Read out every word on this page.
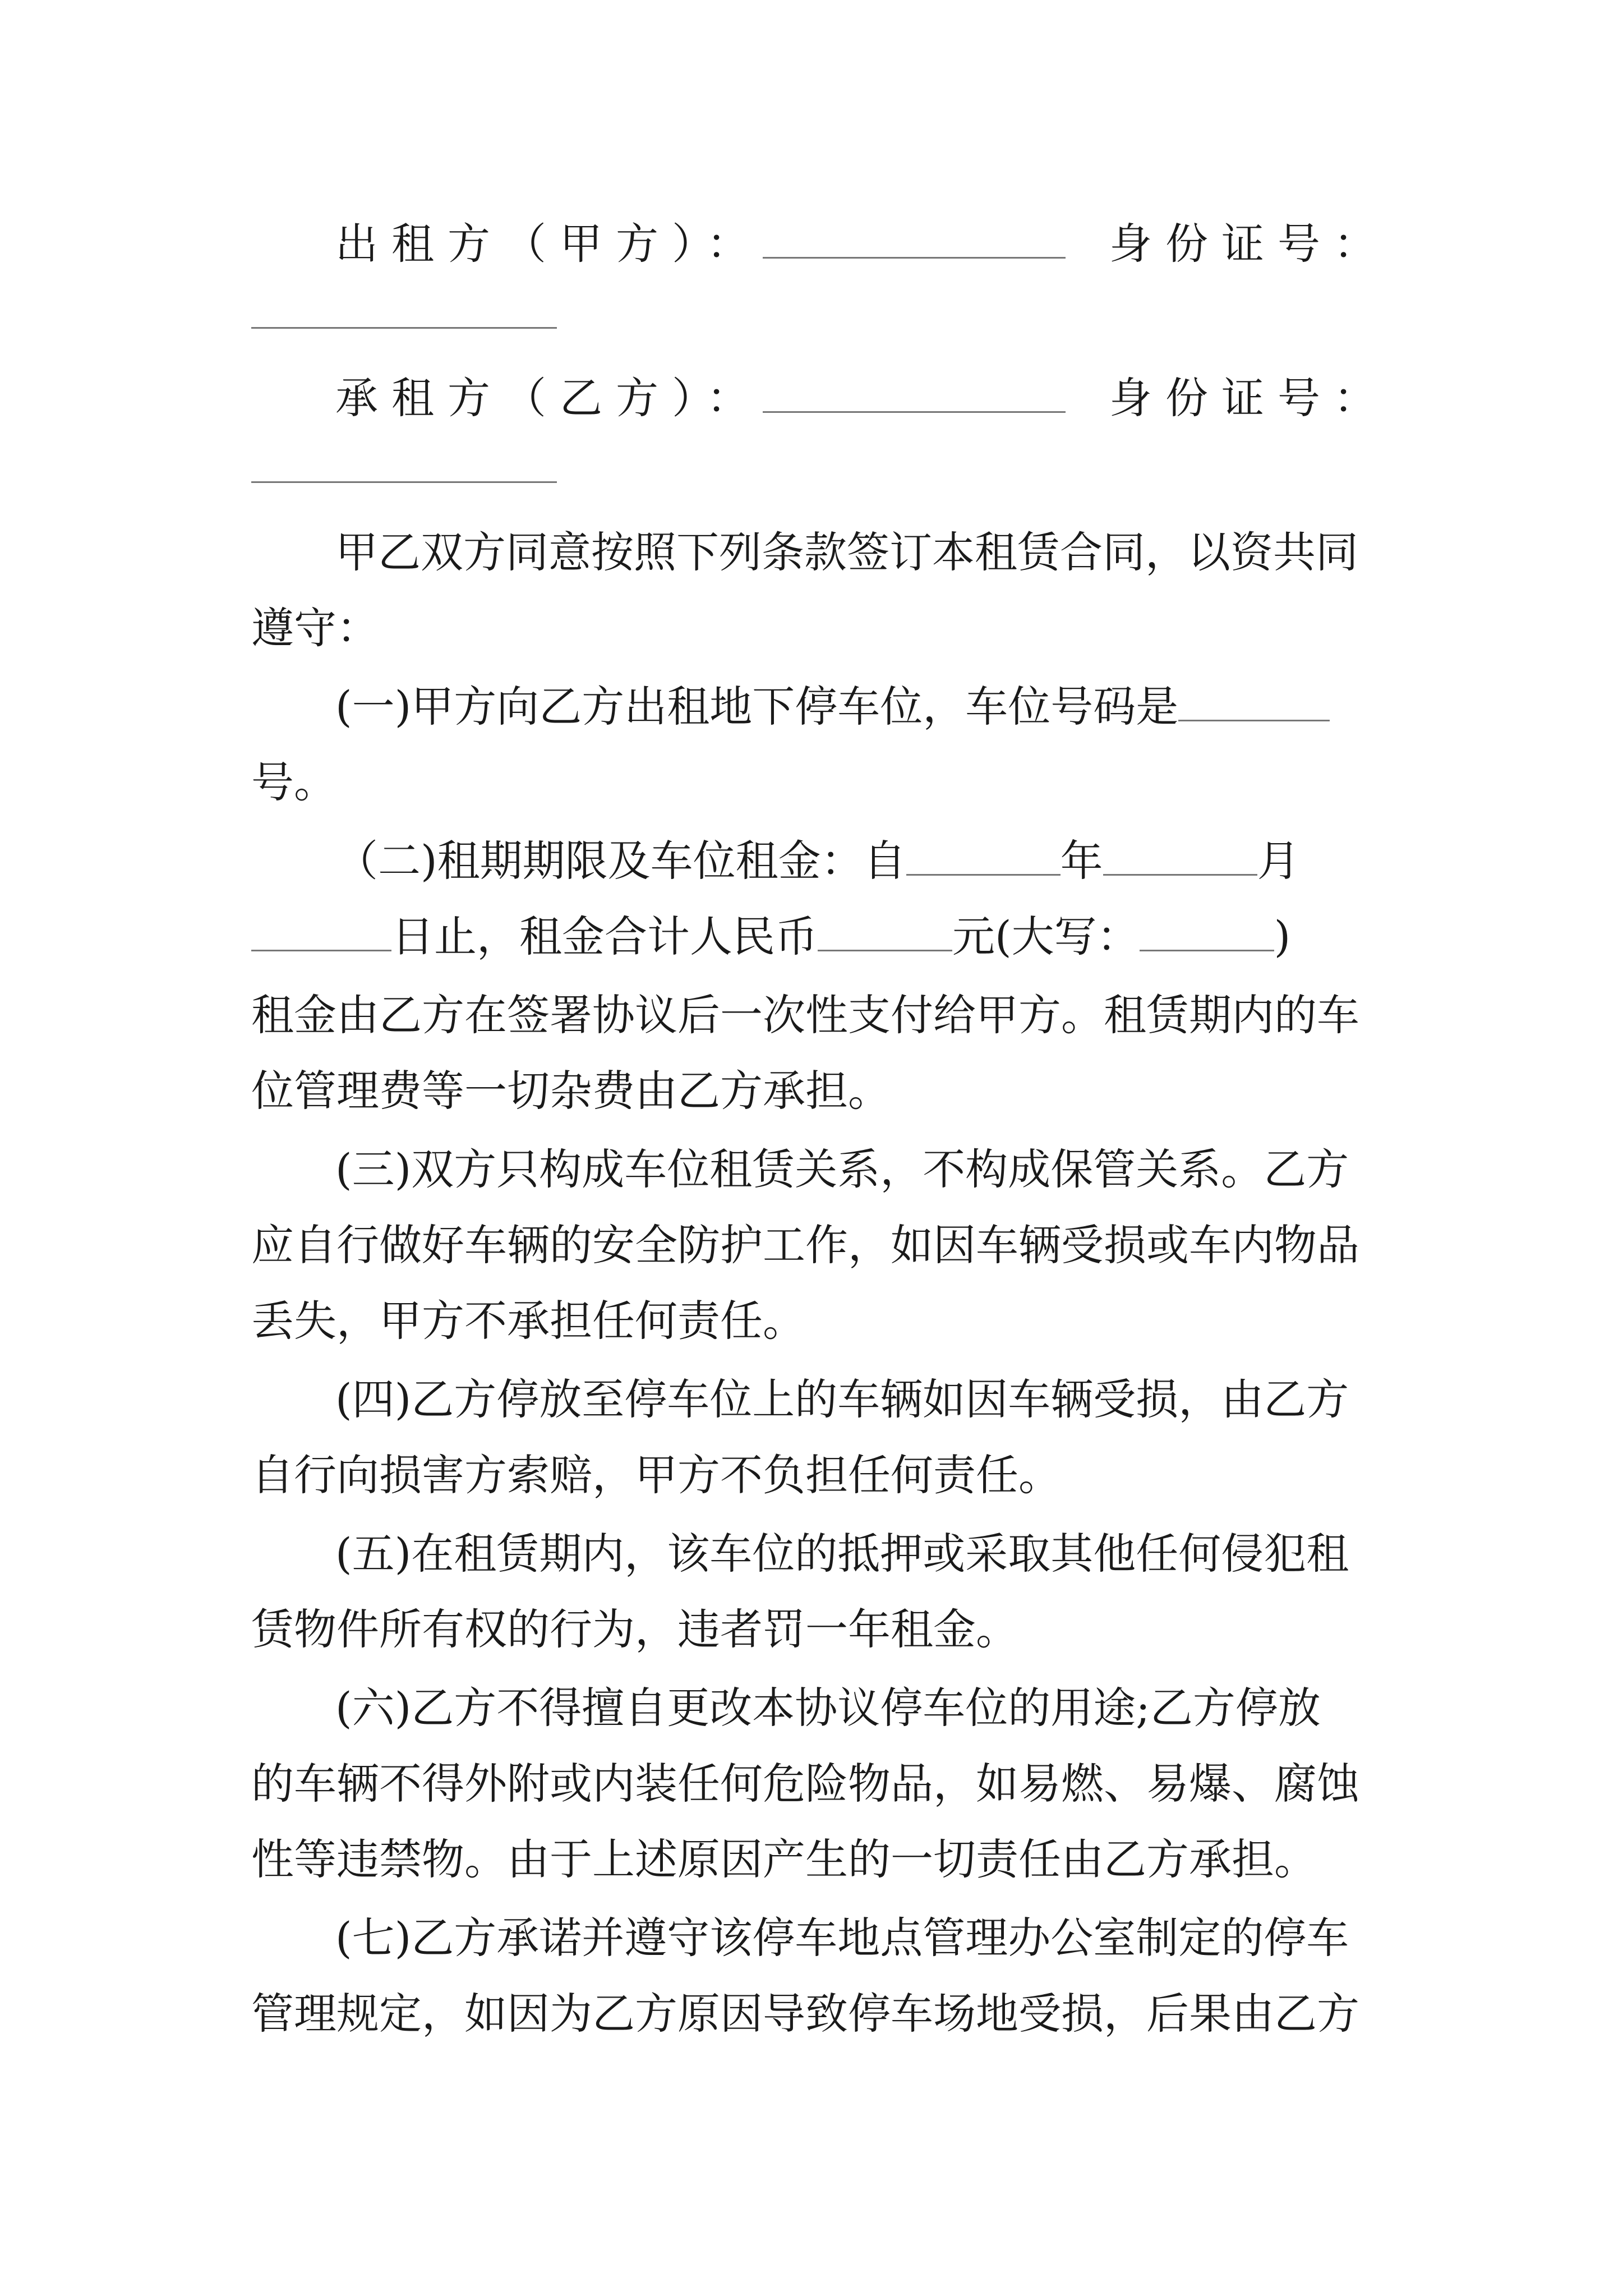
出租方（甲方）：	身份证号：
承租方（乙方）：	身份证号：
甲乙双方同意按照下列条款签订本租赁合同，以资共同
遵守：
(一)甲方向乙方出租地下停车位，车位号码是
号。
（二)租期期限及车位租金：自	年	月
日止，租金合计人民币	元(大写：	)
租金由乙方在签署协议后一次性支付给甲方。租赁期内的车
位管理费等一切杂费由乙方承担。
(三)双方只构成车位租赁关系，不构成保管关系。乙方
应自行做好车辆的安全防护工作，如因车辆受损或车内物品
丢失，甲方不承担任何责任。
(四)乙方停放至停车位上的车辆如因车辆受损，由乙方
自行向损害方索赔，甲方不负担任何责任。
(五)在租赁期内，该车位的抵押或采取其他任何侵犯租
赁物件所有权的行为，违者罚一年租金。
(六)乙方不得擅自更改本协议停车位的用途;乙方停放
的车辆不得外附或内装任何危险物品，如易燃、易爆、腐蚀
性等违禁物。由于上述原因产生的一切责任由乙方承担。
(七)乙方承诺并遵守该停车地点管理办公室制定的停车
管理规定，如因为乙方原因导致停车场地受损，后果由乙方
